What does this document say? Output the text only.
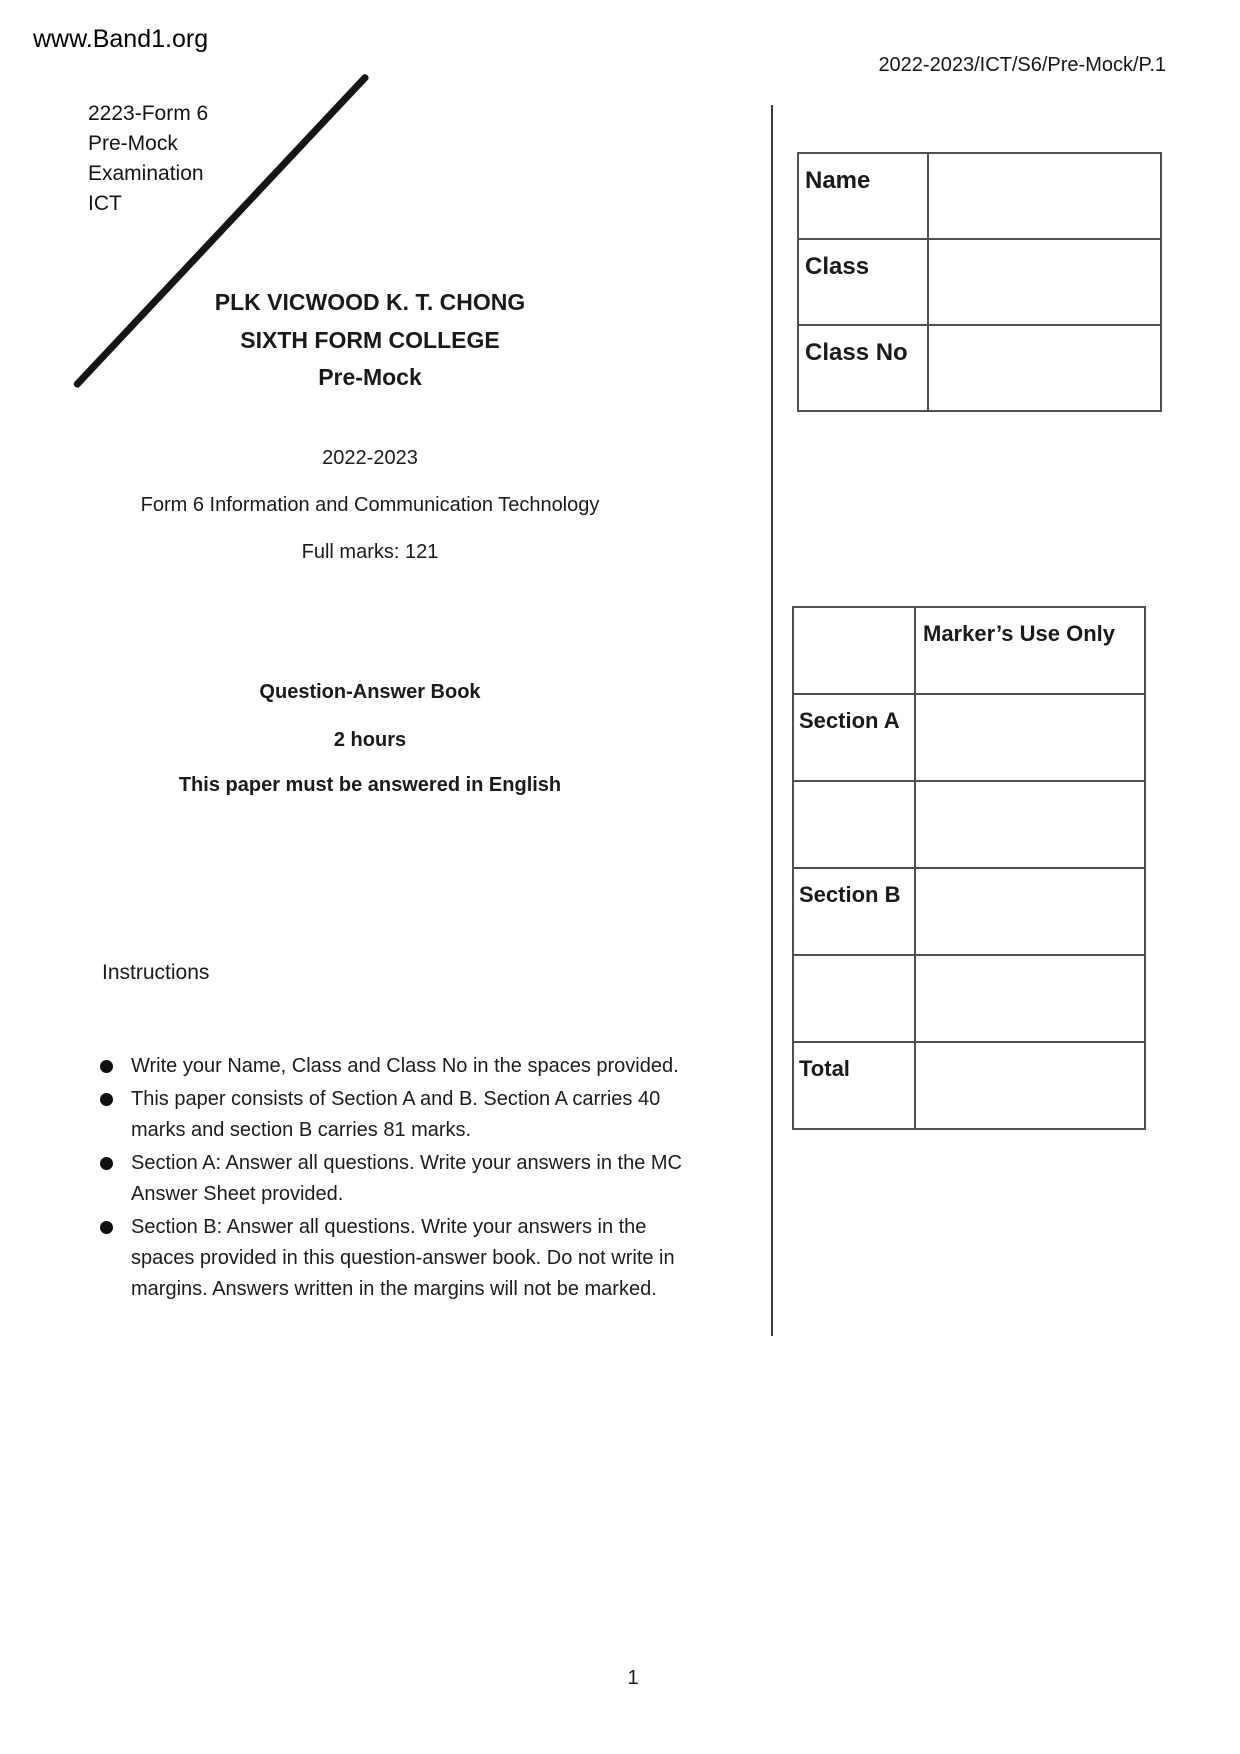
www.Band1.org
2022-2023/ICT/S6/Pre-Mock/P.1
2223-Form 6
Pre-Mock
Examination
ICT
PLK VICWOOD K. T. CHONG
SIXTH FORM COLLEGE
Pre-Mock
2022-2023
Form 6 Information and Communication Technology
Full marks: 121
Question-Answer Book
2 hours
This paper must be answered in English
Name	
Class	
Class No	
	Marker’s Use Only
Section A	

Section B	

Total	
Instructions
Write your Name, Class and Class No in the spaces provided.
This paper consists of Section A and B. Section A carries 40
marks and section B carries 81 marks.
Section A: Answer all questions. Write your answers in the MC
Answer Sheet provided.
Section B: Answer all questions. Write your answers in the
spaces provided in this question-answer book. Do not write in
margins. Answers written in the margins will not be marked.
1
